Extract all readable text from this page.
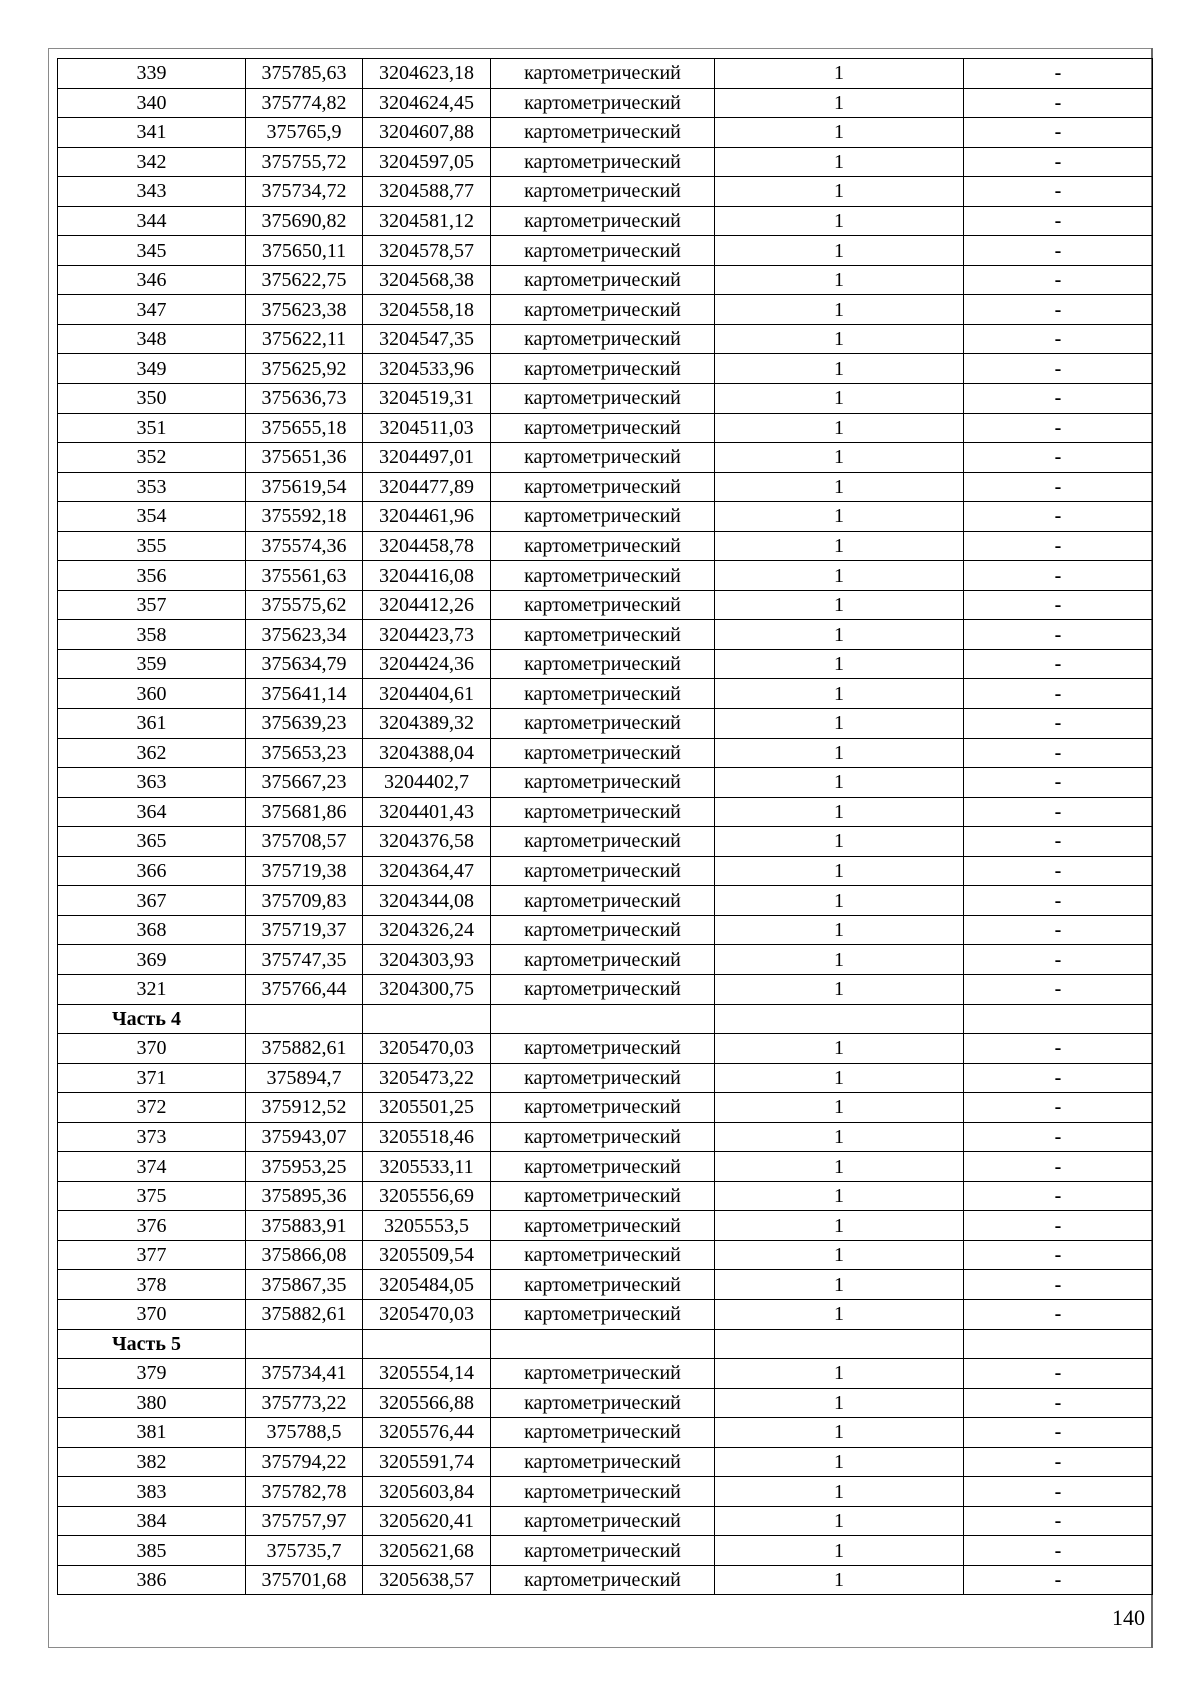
339	375785,63	3204623,18	картометрический	1	-
340	375774,82	3204624,45	картометрический	1	-
341	375765,9	3204607,88	картометрический	1	-
342	375755,72	3204597,05	картометрический	1	-
343	375734,72	3204588,77	картометрический	1	-
344	375690,82	3204581,12	картометрический	1	-
345	375650,11	3204578,57	картометрический	1	-
346	375622,75	3204568,38	картометрический	1	-
347	375623,38	3204558,18	картометрический	1	-
348	375622,11	3204547,35	картометрический	1	-
349	375625,92	3204533,96	картометрический	1	-
350	375636,73	3204519,31	картометрический	1	-
351	375655,18	3204511,03	картометрический	1	-
352	375651,36	3204497,01	картометрический	1	-
353	375619,54	3204477,89	картометрический	1	-
354	375592,18	3204461,96	картометрический	1	-
355	375574,36	3204458,78	картометрический	1	-
356	375561,63	3204416,08	картометрический	1	-
357	375575,62	3204412,26	картометрический	1	-
358	375623,34	3204423,73	картометрический	1	-
359	375634,79	3204424,36	картометрический	1	-
360	375641,14	3204404,61	картометрический	1	-
361	375639,23	3204389,32	картометрический	1	-
362	375653,23	3204388,04	картометрический	1	-
363	375667,23	3204402,7	картометрический	1	-
364	375681,86	3204401,43	картометрический	1	-
365	375708,57	3204376,58	картометрический	1	-
366	375719,38	3204364,47	картометрический	1	-
367	375709,83	3204344,08	картометрический	1	-
368	375719,37	3204326,24	картометрический	1	-
369	375747,35	3204303,93	картометрический	1	-
321	375766,44	3204300,75	картометрический	1	-
Часть 4					
370	375882,61	3205470,03	картометрический	1	-
371	375894,7	3205473,22	картометрический	1	-
372	375912,52	3205501,25	картометрический	1	-
373	375943,07	3205518,46	картометрический	1	-
374	375953,25	3205533,11	картометрический	1	-
375	375895,36	3205556,69	картометрический	1	-
376	375883,91	3205553,5	картометрический	1	-
377	375866,08	3205509,54	картометрический	1	-
378	375867,35	3205484,05	картометрический	1	-
370	375882,61	3205470,03	картометрический	1	-
Часть 5					
379	375734,41	3205554,14	картометрический	1	-
380	375773,22	3205566,88	картометрический	1	-
381	375788,5	3205576,44	картометрический	1	-
382	375794,22	3205591,74	картометрический	1	-
383	375782,78	3205603,84	картометрический	1	-
384	375757,97	3205620,41	картометрический	1	-
385	375735,7	3205621,68	картометрический	1	-
386	375701,68	3205638,57	картометрический	1	-
140
